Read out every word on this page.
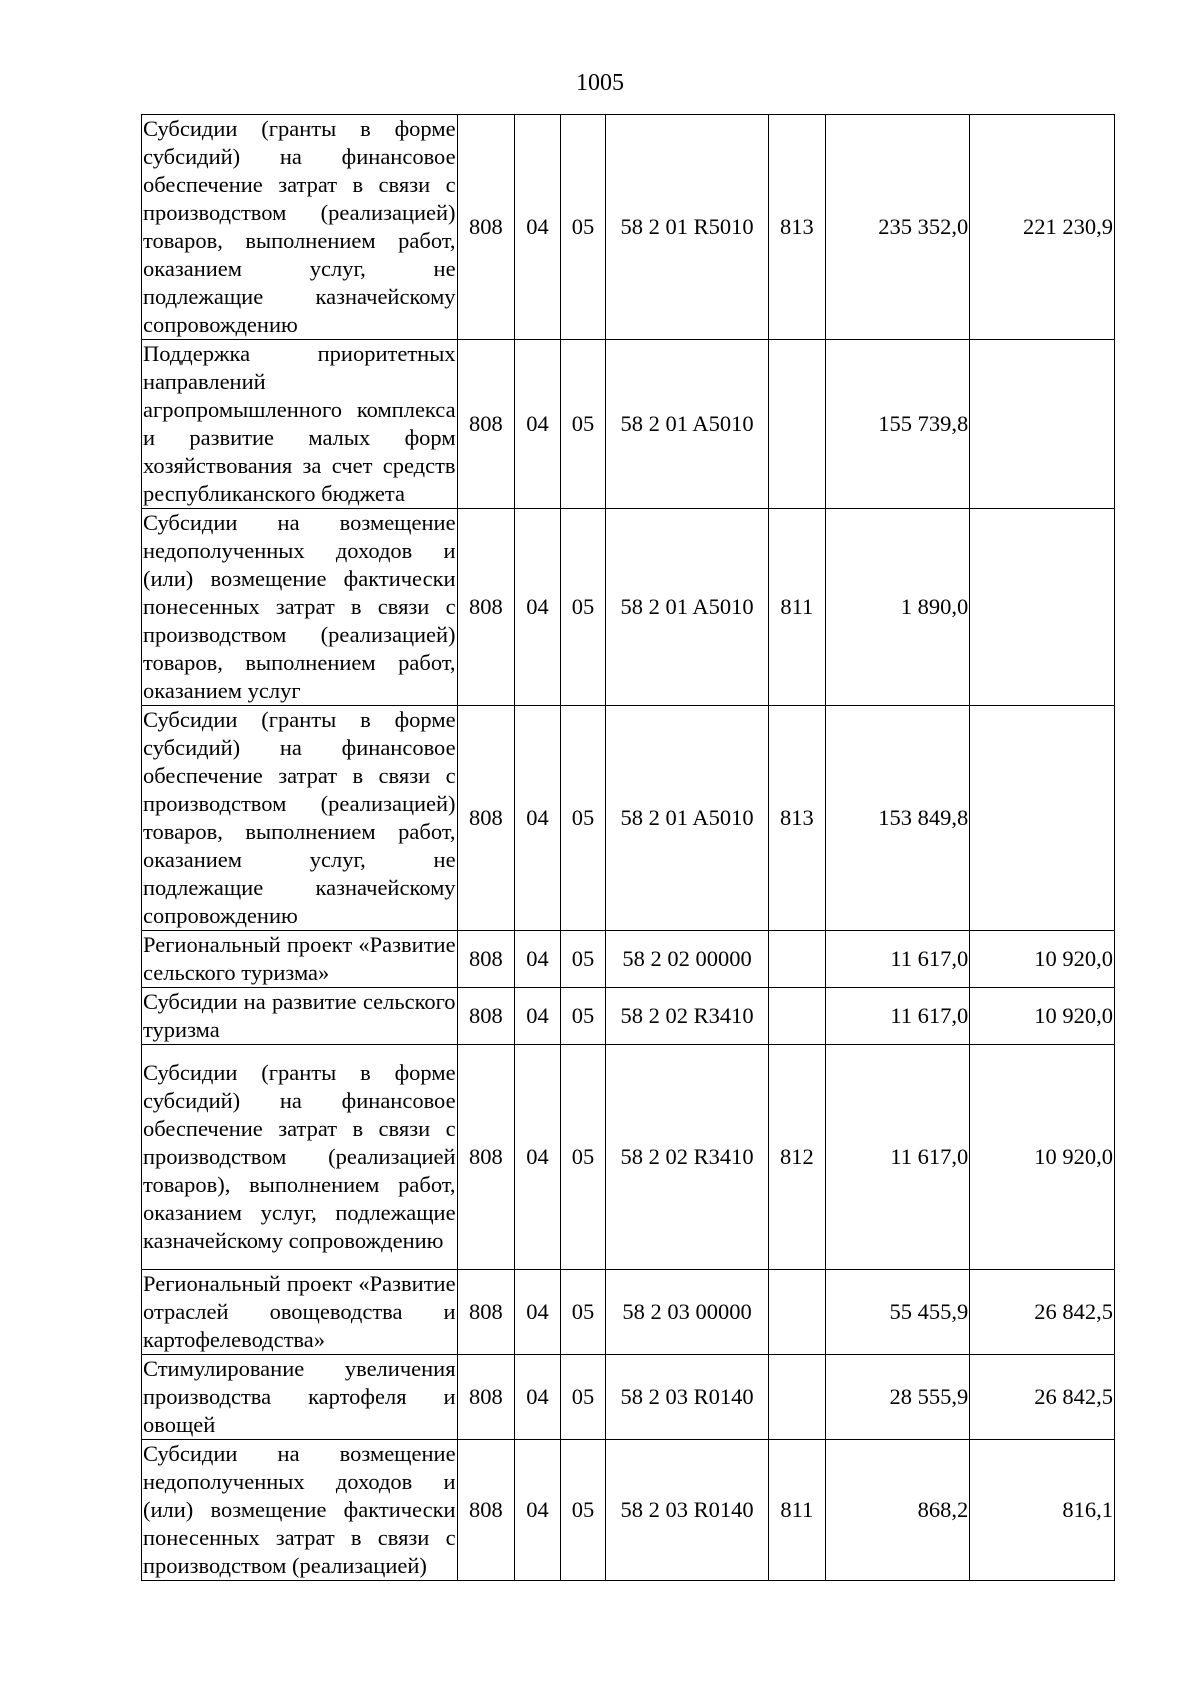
1005
Субсидии (гранты в форме субсидий) на финансовое обеспечение затрат в связи с производством (реализацией) товаров, выполнением работ, оказанием услуг, не подлежащие казначейскому сопровождению	808	04	05	58 2 01 R5010	813	235 352,0	221 230,9
Поддержка приоритетных направлений агропромышленного комплекса и развитие малых форм хозяйствования за счет средств республиканского бюджета	808	04	05	58 2 01 A5010		155 739,8	
Субсидии на возмещение недополученных доходов и (или) возмещение фактически понесенных затрат в связи с производством (реализацией) товаров, выполнением работ, оказанием услуг	808	04	05	58 2 01 A5010	811	1 890,0	
Субсидии (гранты в форме субсидий) на финансовое обеспечение затрат в связи с производством (реализацией) товаров, выполнением работ, оказанием услуг, не подлежащие казначейскому сопровождению	808	04	05	58 2 01 A5010	813	153 849,8	
Региональный проект «Развитие сельского туризма»	808	04	05	58 2 02 00000		11 617,0	10 920,0
Субсидии на развитие сельского туризма	808	04	05	58 2 02 R3410		11 617,0	10 920,0
Субсидии (гранты в форме субсидий) на финансовое обеспечение затрат в связи с производством (реализацией товаров), выполнением работ, оказанием услуг, подлежащие казначейскому сопровождению	808	04	05	58 2 02 R3410	812	11 617,0	10 920,0
Региональный проект «Развитие отраслей овощеводства и картофелеводства»	808	04	05	58 2 03 00000		55 455,9	26 842,5
Стимулирование увеличения производства картофеля и овощей	808	04	05	58 2 03 R0140		28 555,9	26 842,5
Субсидии на возмещение недополученных доходов и (или) возмещение фактически понесенных затрат в связи с производством (реализацией)	808	04	05	58 2 03 R0140	811	868,2	816,1
